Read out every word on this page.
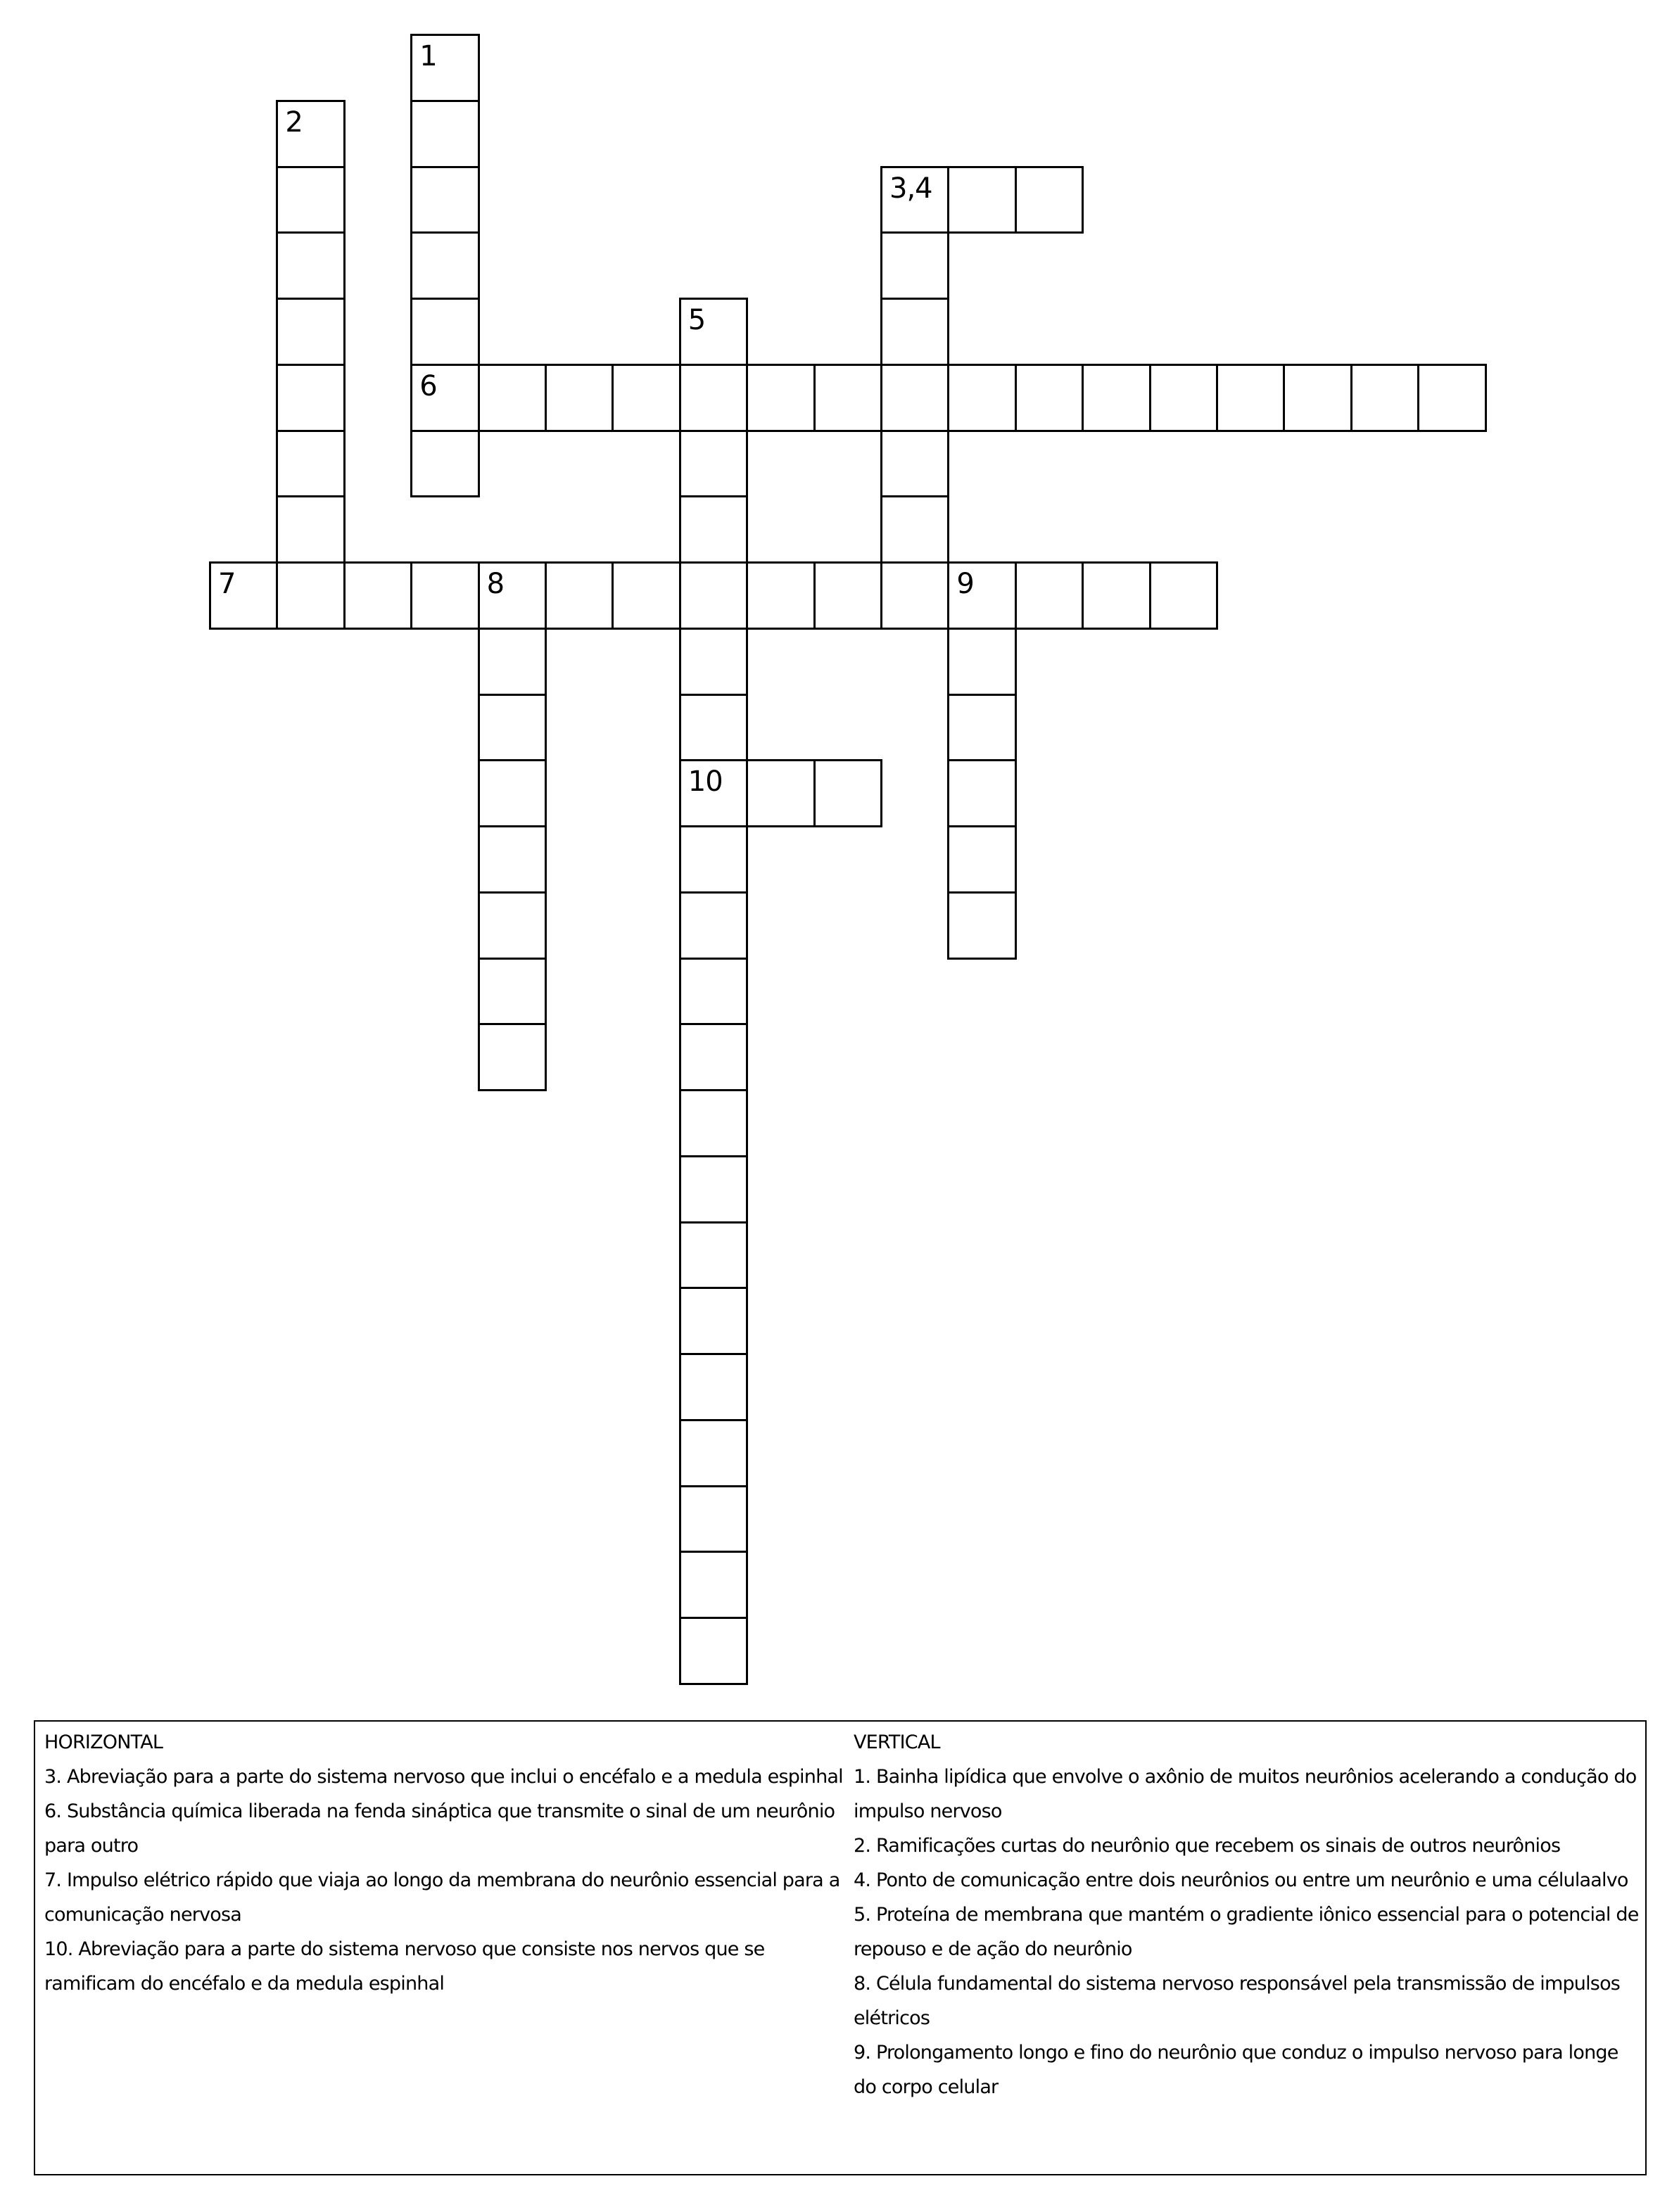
1
2
3,4
5
6
7	8	9
10
HORIZONTAL
3. Abreviação para a parte do sistema nervoso que inclui o encéfalo e a medula espinhal
6. Substância química liberada na fenda sináptica que transmite o sinal de um neurônio para outro
7. Impulso elétrico rápido que viaja ao longo da membrana do neurônio essencial para a comunicação nervosa
10. Abreviação para a parte do sistema nervoso que consiste nos nervos que se ramificam do encéfalo e da medula espinhal
VERTICAL
1. Bainha lipídica que envolve o axônio de muitos neurônios acelerando a condução do impulso nervoso
2. Ramificações curtas do neurônio que recebem os sinais de outros neurônios
4. Ponto de comunicação entre dois neurônios ou entre um neurônio e uma célulaalvo
5. Proteína de membrana que mantém o gradiente iônico essencial para o potencial de repouso e de ação do neurônio
8. Célula fundamental do sistema nervoso responsável pela transmissão de impulsos elétricos
9. Prolongamento longo e fino do neurônio que conduz o impulso nervoso para longe do corpo celular
